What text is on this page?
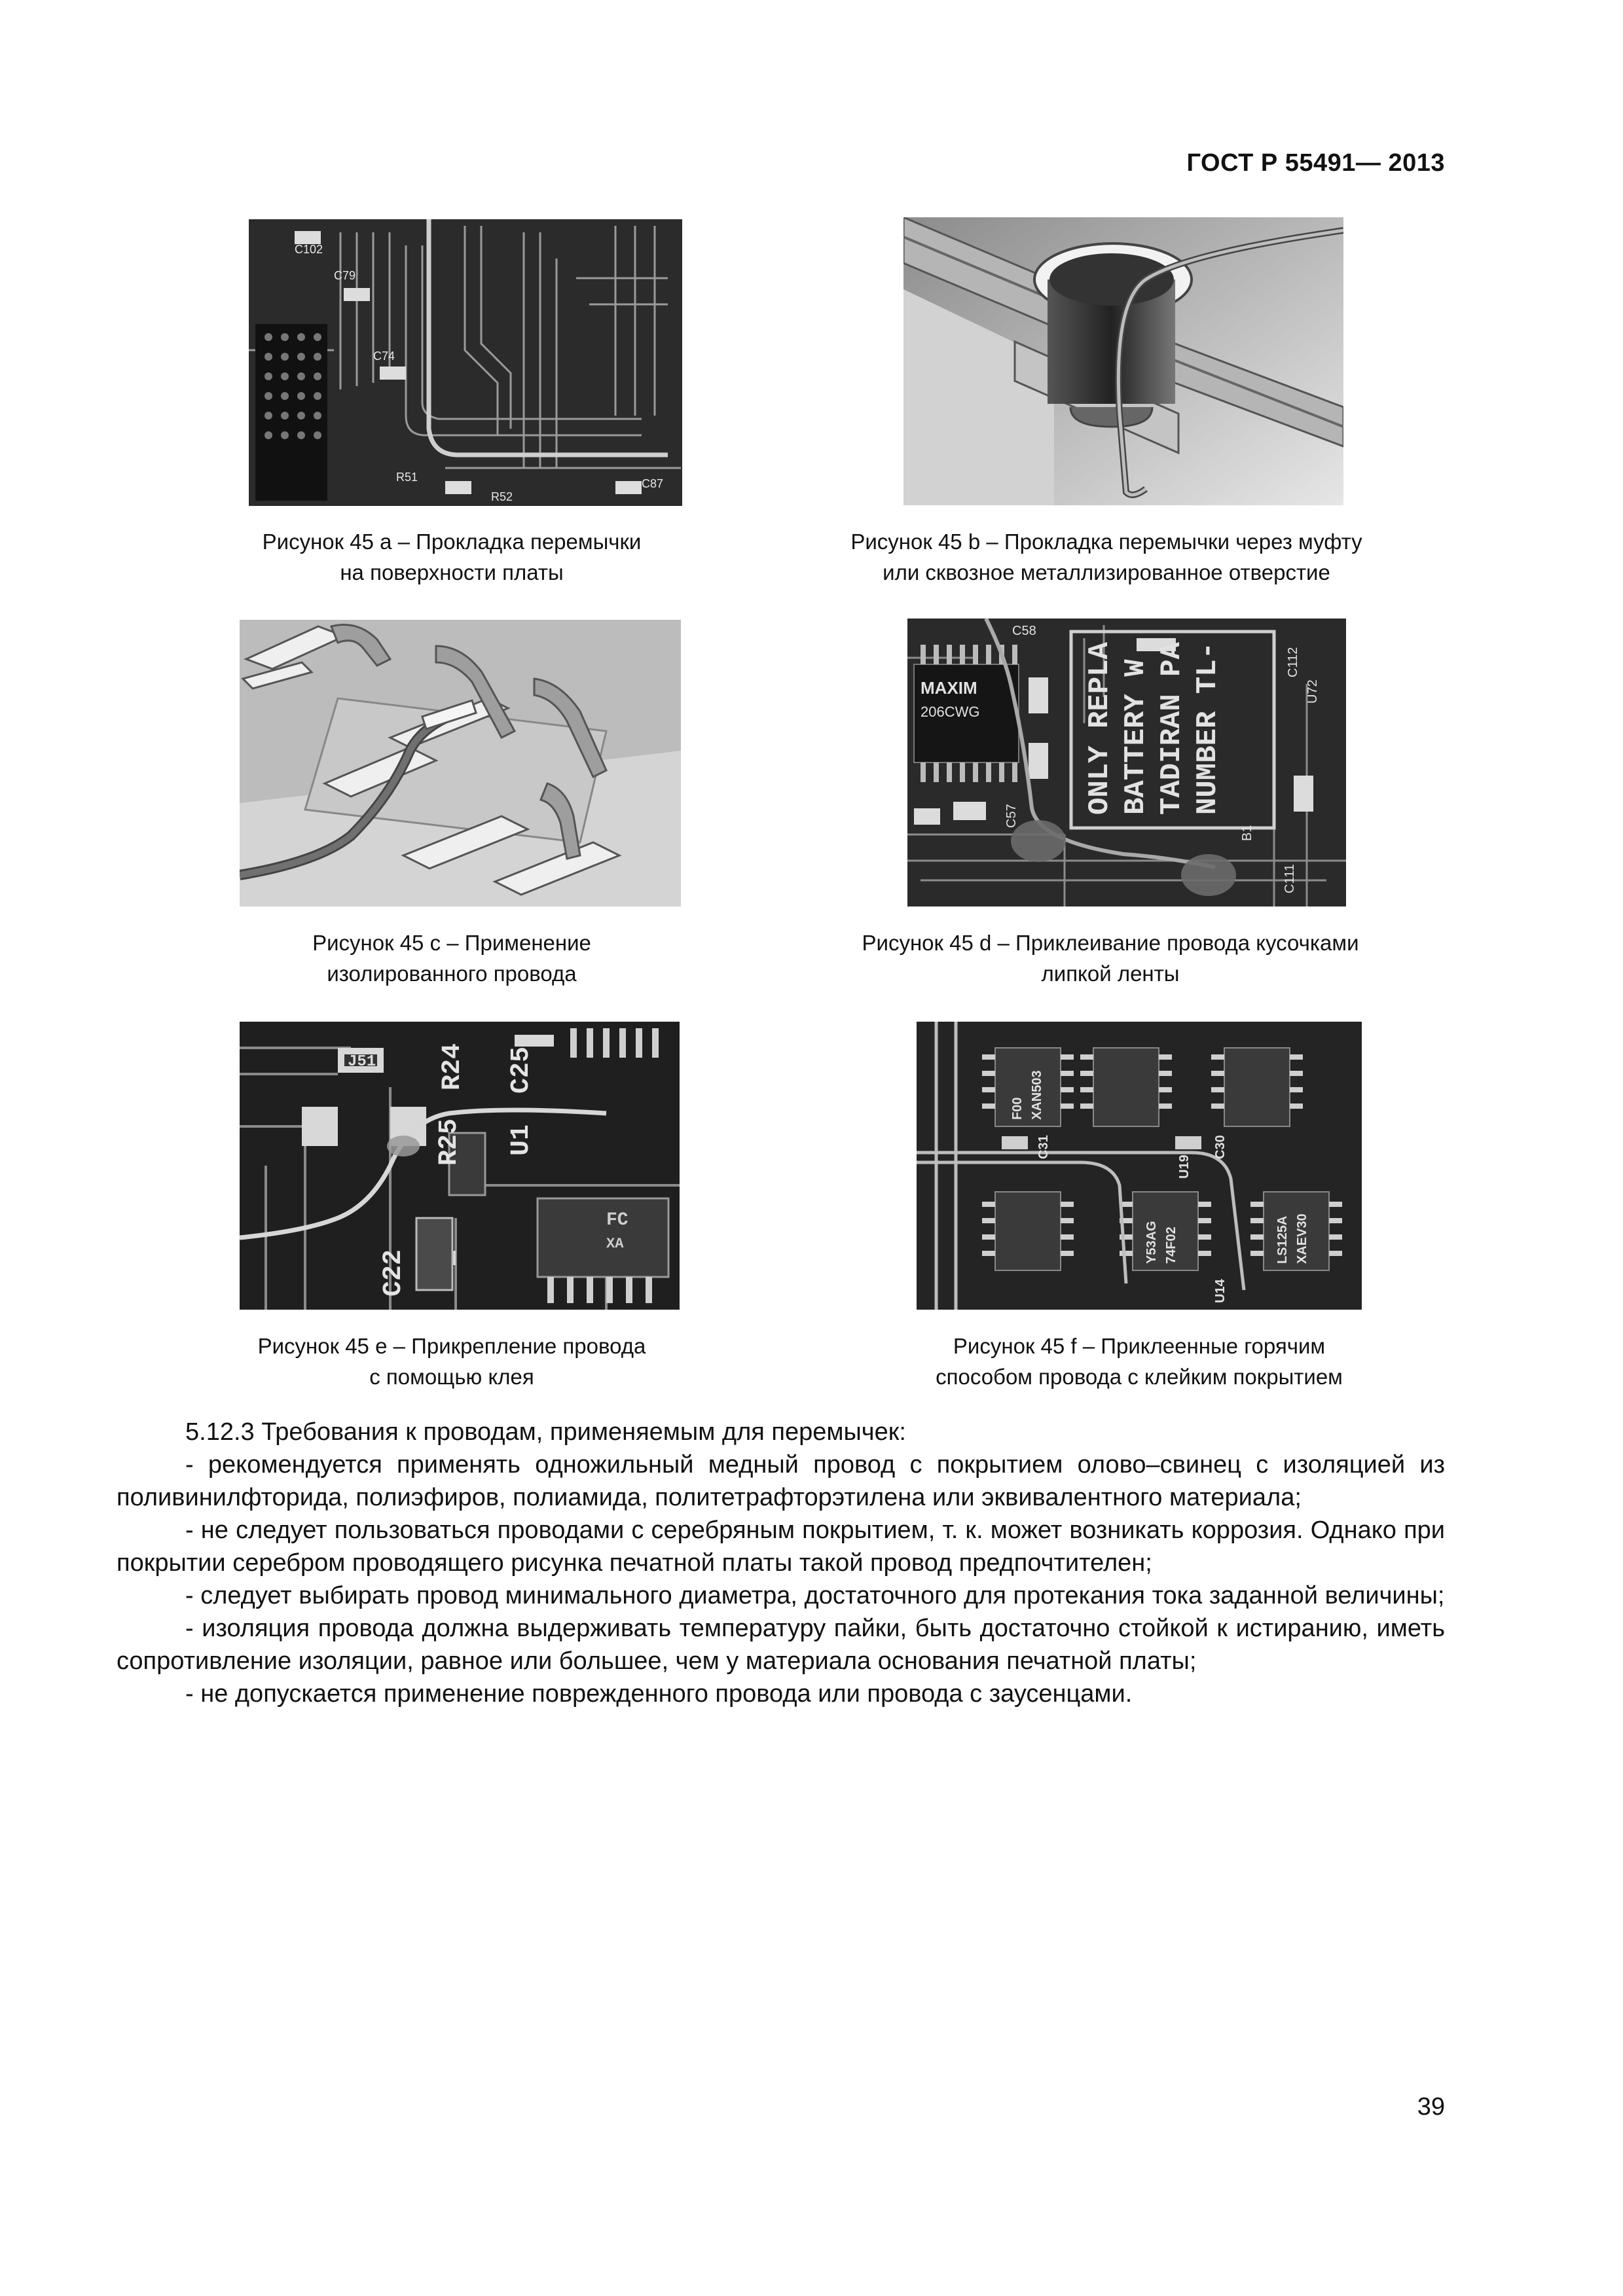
ГОСТ Р 55491— 2013
C102
C79
C74
R51
R52
C87
Рисунок 45 a – Прокладка перемычки
на поверхности платы
Рисунок 45 b – Прокладка перемычки через муфту
или сквозное металлизированное отверстие
Рисунок 45 c – Применение
изолированного провода
MAXIM
206CWG	ONLY REPLA BATTERY W TADIRAN PA NUMBER TL-
C58
C112
U72
C57
B1
C111
Рисунок 45 d – Приклеивание провода кусочками
липкой ленты
J51 R24 C25
R25 U1
C22
FC
XA
Рисунок 45 e – Прикрепление провода
с помощью клея
F00 XAN503
C31	C30
U19
Y53AG 74F02
U14
LS125A XAEV30
Рисунок 45 f – Приклеенные горячим
способом провода с клейким покрытием

5.12.3 Требования к проводам, применяемым для перемычек:

- рекомендуется применять одножильный медный провод с покрытием олово–свинец с изоляцией из поливинилфторида, полиэфиров, полиамида, политетрафторэтилена или эквивалентного материала;

- не следует пользоваться проводами с серебряным покрытием, т. к. может возникать коррозия. Однако при покрытии серебром проводящего рисунка печатной платы такой провод предпочтителен;

- следует выбирать провод минимального диаметра, достаточного для протекания тока заданной величины;

- изоляция провода должна выдерживать температуру пайки, быть достаточно стойкой к истиранию, иметь сопротивление изоляции, равное или большее, чем у материала основания печатной платы;

- не допускается применение поврежденного провода или провода с заусенцами.

39
